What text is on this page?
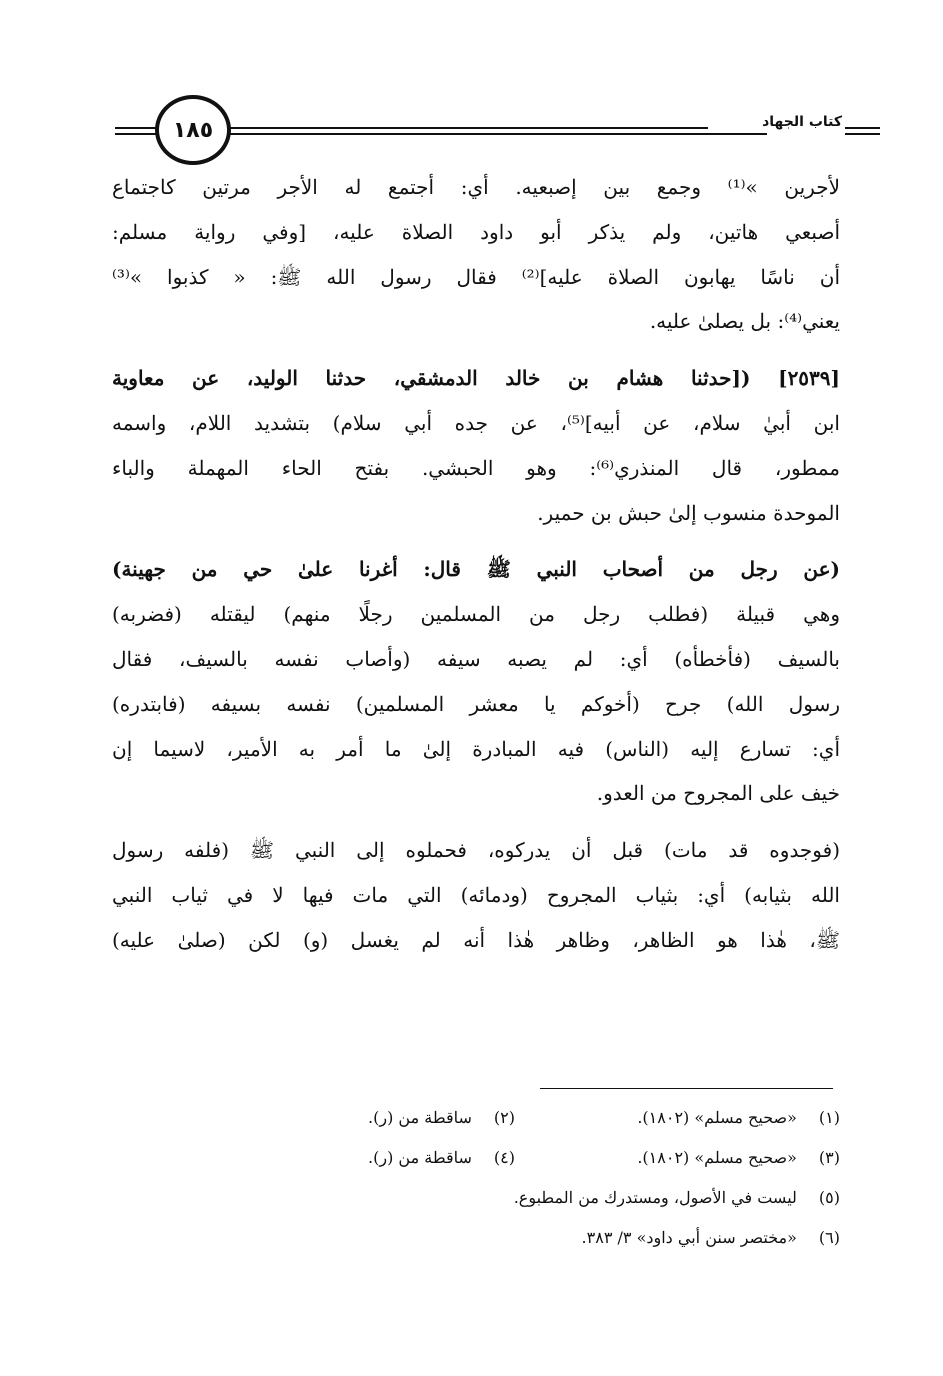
١٨٥	كتاب الجهاد
لأجرين »⁽¹⁾ وجمع بين إصبعيه. أي: أجتمع له الأجر مرتين كاجتماع
أصبعي هاتين، ولم يذكر أبو داود الصلاة عليه، [وفي رواية مسلم:
أن ناسًا يهابون الصلاة عليه]⁽²⁾ فقال رسول الله ﷺ: « كذبوا »⁽³⁾
يعني⁽⁴⁾: بل يصلىٰ عليه.
[٢٥٣٩] ([حدثنا هشام بن خالد الدمشقي، حدثنا الوليد، عن معاوية
ابن أبيٰ سلام، عن أبيه]⁽⁵⁾، عن جده أبي سلام) بتشديد اللام، واسمه
ممطور، قال المنذري⁽⁶⁾: وهو الحبشي. بفتح الحاء المهملة والباء
الموحدة منسوب إلىٰ حبش بن حمير.
(عن رجل من أصحاب النبي ﷺ قال: أغرنا علىٰ حي من جهينة)
وهي قبيلة (فطلب رجل من المسلمين رجلًا منهم) ليقتله (فضربه)
بالسيف (فأخطأه) أي: لم يصبه سيفه (وأصاب نفسه بالسيف، فقال
رسول الله) جرح (أخوكم يا معشر المسلمين) نفسه بسيفه (فابتدره)
أي: تسارع إليه (الناس) فيه المبادرة إلىٰ ما أمر به الأمير، لاسيما إن
خيف على المجروح من العدو.
(فوجدوه قد مات) قبل أن يدركوه، فحملوه إلى النبي ﷺ (فلفه رسول
الله بثيابه) أي: بثياب المجروح (ودمائه) التي مات فيها لا في ثياب النبي
ﷺ، هٰذا هو الظاهر، وظاهر هٰذا أنه لم يغسل (و) لكن (صلىٰ عليه)
(١) «صحيح مسلم» (١٨٠٢).
(٢) ساقطة من (ر).
(٣) «صحيح مسلم» (١٨٠٢).
(٤) ساقطة من (ر).
(٥) ليست في الأصول، ومستدرك من المطبوع.
(٦) «مختصر سنن أبي داود» ٣/ ٣٨٣.
